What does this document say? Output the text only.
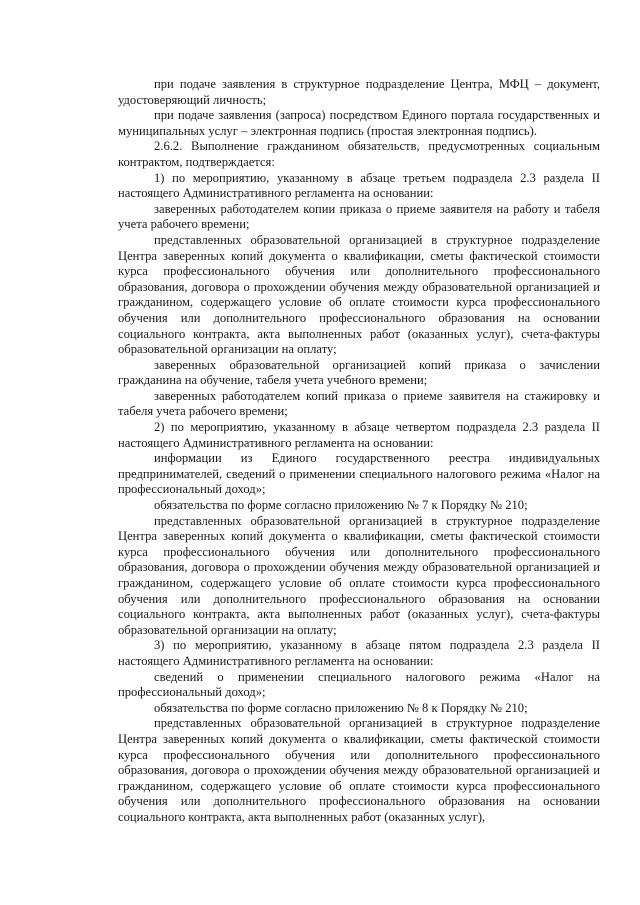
при подаче заявления в структурное подразделение Центра, МФЦ – документ, удостоверяющий личность;

при подаче заявления (запроса) посредством Единого портала государственных и муниципальных услуг – электронная подпись (простая электронная подпись).

2.6.2. Выполнение гражданином обязательств, предусмотренных социальным контрактом, подтверждается:

1) по мероприятию, указанному в абзаце третьем подраздела 2.3 раздела II настоящего Административного регламента на основании:

заверенных работодателем копии приказа о приеме заявителя на работу и табеля учета рабочего времени;

представленных образовательной организацией в структурное подразделение Центра заверенных копий документа о квалификации, сметы фактической стоимости курса профессионального обучения или дополнительного профессионального образования, договора о прохождении обучения между образовательной организацией и гражданином, содержащего условие об оплате стоимости курса профессионального обучения или дополнительного профессионального образования на основании социального контракта, акта выполненных работ (оказанных услуг), счета-фактуры образовательной организации на оплату;

заверенных образовательной организацией копий приказа о зачислении гражданина на обучение, табеля учета учебного времени;

заверенных работодателем копий приказа о приеме заявителя на стажировку и табеля учета рабочего времени;

2) по мероприятию, указанному в абзаце четвертом подраздела 2.3 раздела II настоящего Административного регламента на основании:

информации из Единого государственного реестра индивидуальных предпринимателей, сведений о применении специального налогового режима «Налог на профессиональный доход»;

обязательства по форме согласно приложению № 7 к Порядку № 210;

представленных образовательной организацией в структурное подразделение Центра заверенных копий документа о квалификации, сметы фактической стоимости курса профессионального обучения или дополнительного профессионального образования, договора о прохождении обучения между образовательной организацией и гражданином, содержащего условие об оплате стоимости курса профессионального обучения или дополнительного профессионального образования на основании социального контракта, акта выполненных работ (оказанных услуг), счета-фактуры образовательной организации на оплату;

3) по мероприятию, указанному в абзаце пятом подраздела 2.3 раздела II настоящего Административного регламента на основании:

сведений о применении специального налогового режима «Налог на профессиональный доход»;

обязательства по форме согласно приложению № 8 к Порядку № 210;

представленных образовательной организацией в структурное подразделение Центра заверенных копий документа о квалификации, сметы фактической стоимости курса профессионального обучения или дополнительного профессионального образования, договора о прохождении обучения между образовательной организацией и гражданином, содержащего условие об оплате стоимости курса профессионального обучения или дополнительного профессионального образования на основании социального контракта, акта выполненных работ (оказанных услуг),
